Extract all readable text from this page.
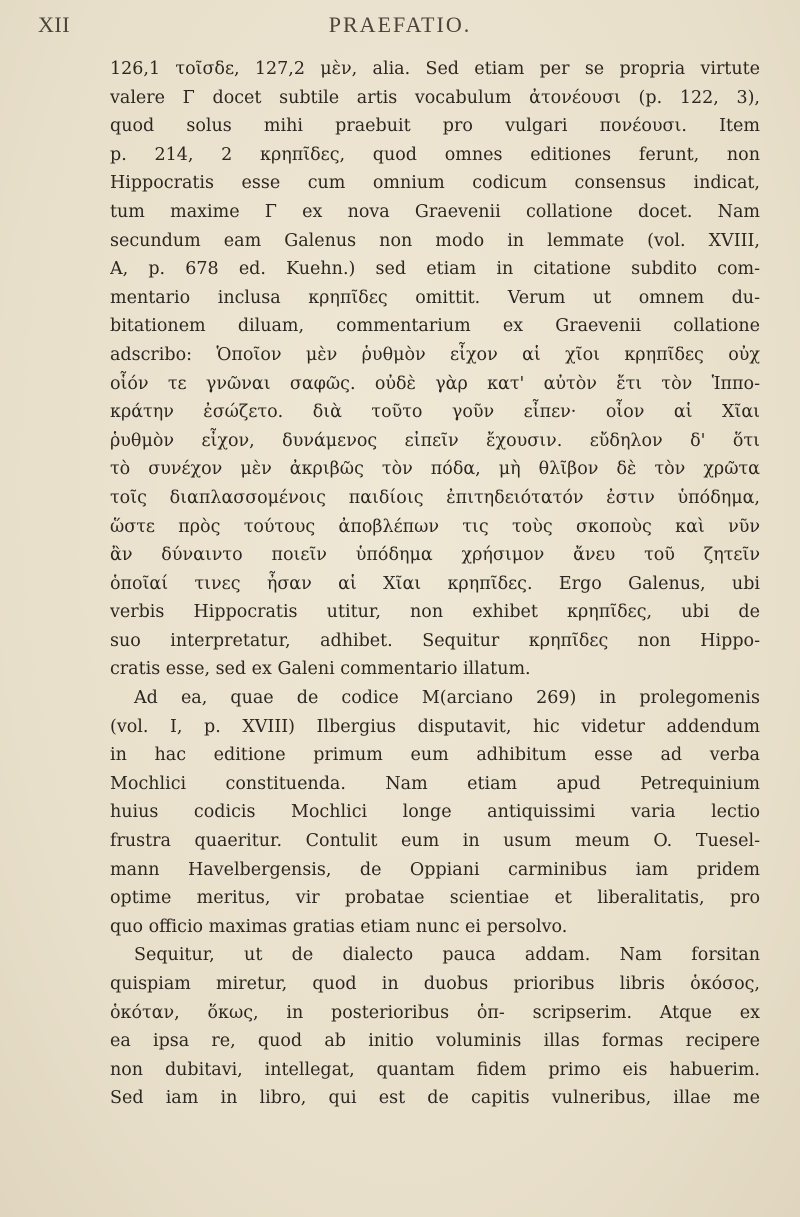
XII	PRAEFATIO.
126,1 τοῖσδε, 127,2 μὲν, alia. Sed etiam per se propria virtute
valere Γ docet subtile artis vocabulum ἀτονέουσι (p. 122, 3),
quod solus mihi praebuit pro vulgari πονέουσι. Item
p. 214, 2 κρηπῖδες, quod omnes editiones ferunt, non
Hippocratis esse cum omnium codicum consensus indicat,
tum maxime Γ ex nova Graevenii collatione docet. Nam
secundum eam Galenus non modo in lemmate (vol. XVIII,
A, p. 678 ed. Kuehn.) sed etiam in citatione subdito com-
mentario inclusa κρηπῖδες omittit. Verum ut omnem du-
bitationem diluam, commentarium ex Graevenii collatione
adscribo: Ὁποῖον μὲν ῥυθμὸν εἶχον αἱ χῖοι κρηπῖδες οὐχ
οἷόν τε γνῶναι σαφῶς. οὐδὲ γὰρ κατ' αὐτὸν ἔτι τὸν Ἱππο-
κράτην ἐσώζετο. διὰ τοῦτο γοῦν εἶπεν· οἷον αἱ Χῖαι
ῥυθμὸν εἶχον, δυνάμενος εἰπεῖν ἔχουσιν. εὔδηλον δ' ὅτι
τὸ συνέχον μὲν ἀκριβῶς τὸν πόδα, μὴ θλῖβον δὲ τὸν χρῶτα
τοῖς διαπλασσομένοις παιδίοις ἐπιτηδειότατόν ἐστιν ὑπόδημα,
ὥστε πρὸς τούτους ἀποβλέπων τις τοὺς σκοποὺς καὶ νῦν
ἂν δύναιντο ποιεῖν ὑπόδημα χρήσιμον ἄνευ τοῦ ζητεῖν
ὁποῖαί τινες ἦσαν αἱ Χῖαι κρηπῖδες. Ergo Galenus, ubi
verbis Hippocratis utitur, non exhibet κρηπῖδες, ubi de
suo interpretatur, adhibet. Sequitur κρηπῖδες non Hippo-
cratis esse, sed ex Galeni commentario illatum.
Ad ea, quae de codice M(arciano 269) in prolegomenis
(vol. I, p. XVIII) Ilbergius disputavit, hic videtur addendum
in hac editione primum eum adhibitum esse ad verba
Mochlici constituenda. Nam etiam apud Petrequinium
huius codicis Mochlici longe antiquissimi varia lectio
frustra quaeritur. Contulit eum in usum meum O. Tuesel-
mann Havelbergensis, de Oppiani carminibus iam pridem
optime meritus, vir probatae scientiae et liberalitatis, pro
quo officio maximas gratias etiam nunc ei persolvo.
Sequitur, ut de dialecto pauca addam. Nam forsitan
quispiam miretur, quod in duobus prioribus libris ὁκόσος,
ὁκόταν, ὅκως, in posterioribus ὁπ- scripserim. Atque ex
ea ipsa re, quod ab initio voluminis illas formas recipere
non dubitavi, intellegat, quantam fidem primo eis habuerim.
Sed iam in libro, qui est de capitis vulneribus, illae me
